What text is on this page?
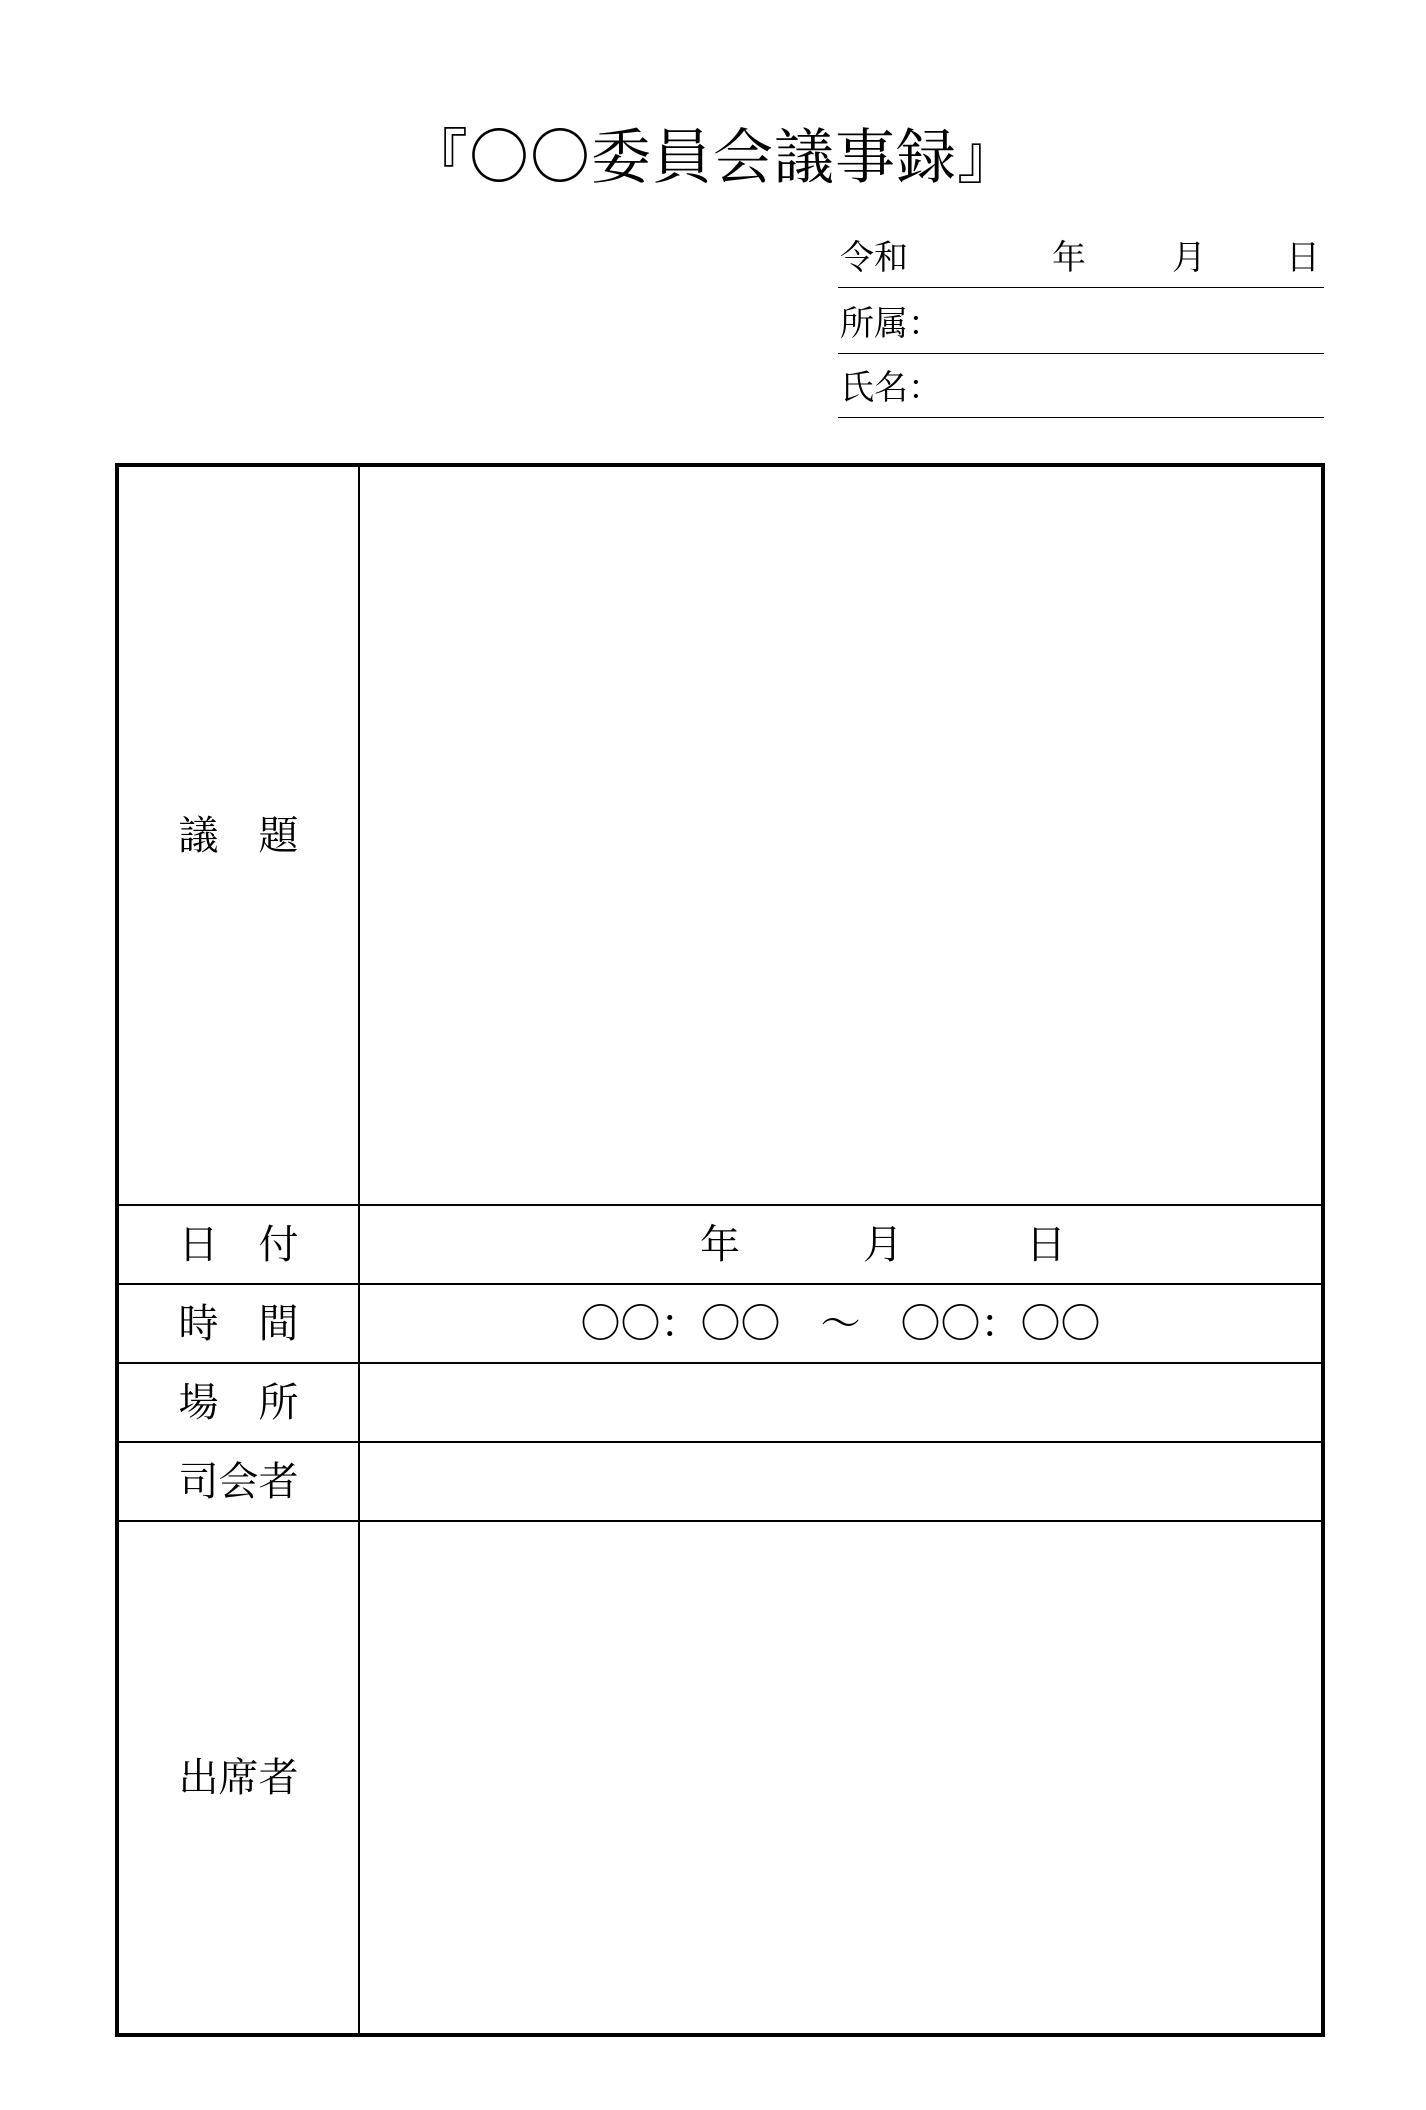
『〇〇委員会議事録』
令和	年	月 日
所属：
氏名：
議　題	
日　付	年 月 日

時　間	〇〇：〇〇　～　〇〇：〇〇
場　所	
司会者	
出席者	
